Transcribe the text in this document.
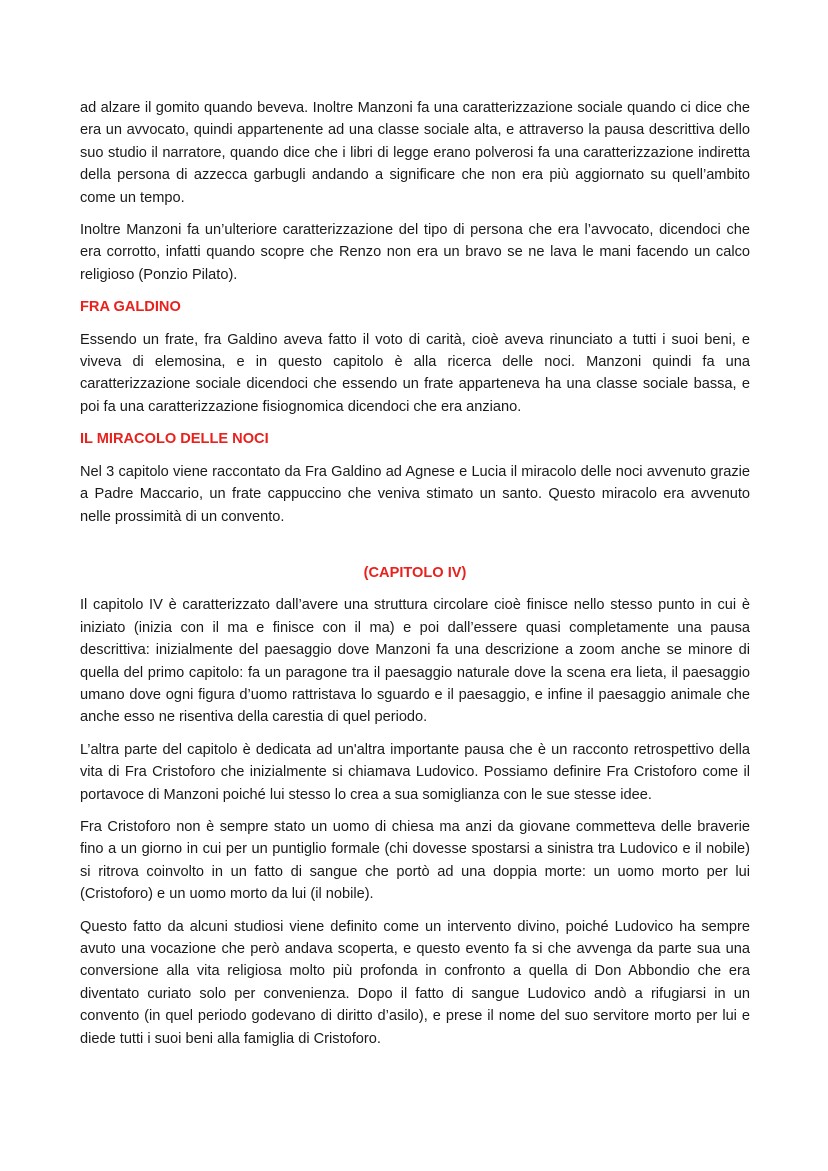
ad alzare il gomito quando beveva. Inoltre Manzoni fa una caratterizzazione sociale quando ci dice che era un avvocato, quindi appartenente ad una classe sociale alta, e attraverso la pausa descrittiva dello suo studio il narratore, quando dice che i libri di legge erano polverosi fa una caratterizzazione indiretta della persona di azzecca garbugli andando a significare che non era più aggiornato su quell’ambito come un tempo.

Inoltre Manzoni fa un’ulteriore caratterizzazione del tipo di persona che era l’avvocato, dicendoci che era corrotto, infatti quando scopre che Renzo non era un bravo se ne lava le mani facendo un calco religioso (Ponzio Pilato).

FRA GALDINO

Essendo un frate, fra Galdino aveva fatto il voto di carità, cioè aveva rinunciato a tutti i suoi beni, e viveva di elemosina, e in questo capitolo è alla ricerca delle noci. Manzoni quindi fa una caratterizzazione sociale dicendoci che essendo un frate apparteneva ha una classe sociale bassa, e poi fa una caratterizzazione fisiognomica dicendoci che era anziano.

IL MIRACOLO DELLE NOCI

Nel 3 capitolo viene raccontato da Fra Galdino ad Agnese e Lucia il miracolo delle noci avvenuto grazie a Padre Maccario, un frate cappuccino che veniva stimato un santo. Questo miracolo era avvenuto nelle prossimità di un convento.

(CAPITOLO IV)

Il capitolo IV è caratterizzato dall’avere una struttura circolare cioè finisce nello stesso punto in cui è iniziato (inizia con il ma e finisce con il ma) e poi dall’essere quasi completamente una pausa descrittiva: inizialmente del paesaggio dove Manzoni fa una descrizione a zoom anche se minore di quella del primo capitolo: fa un paragone tra il paesaggio naturale dove la scena era lieta, il paesaggio umano dove ogni figura d’uomo rattristava lo sguardo e il paesaggio, e infine il paesaggio animale che anche esso ne risentiva della carestia di quel periodo.

L’altra parte del capitolo è dedicata ad un'altra importante pausa che è un racconto retrospettivo della vita di Fra Cristoforo che inizialmente si chiamava Ludovico. Possiamo definire Fra Cristoforo come il portavoce di Manzoni poiché lui stesso lo crea a sua somiglianza con le sue stesse idee.

Fra Cristoforo non è sempre stato un uomo di chiesa ma anzi da giovane commetteva delle braverie fino a un giorno in cui per un puntiglio formale (chi dovesse spostarsi a sinistra tra Ludovico e il nobile) si ritrova coinvolto in un fatto di sangue che portò ad una doppia morte: un uomo morto per lui (Cristoforo) e un uomo morto da lui (il nobile).

Questo fatto da alcuni studiosi viene definito come un intervento divino, poiché Ludovico ha sempre avuto una vocazione che però andava scoperta, e questo evento fa si che avvenga da parte sua una conversione alla vita religiosa molto più profonda in confronto a quella di Don Abbondio che era diventato curiato solo per convenienza. Dopo il fatto di sangue Ludovico andò a rifugiarsi in un convento (in quel periodo godevano di diritto d’asilo), e prese il nome del suo servitore morto per lui e diede tutti i suoi beni alla famiglia di Cristoforo.
